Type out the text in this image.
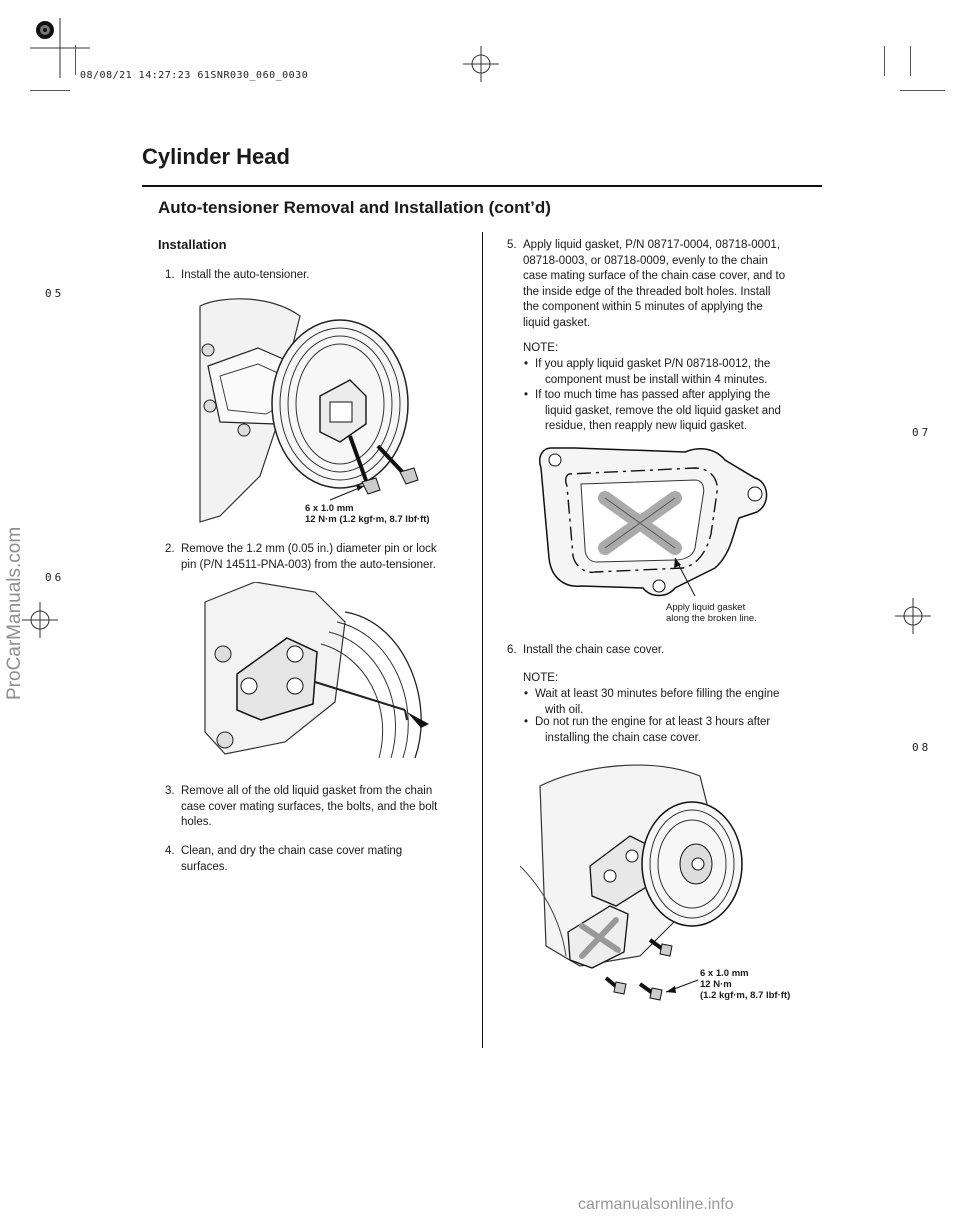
08/08/21 14:27:23 61SNR030_060_0030
Cylinder Head
Auto-tensioner Removal and Installation (cont’d)
Installation
1. Install the auto-tensioner.
6 x 1.0 mm
12 N·m (1.2 kgf·m, 8.7 lbf·ft)
2. Remove the 1.2 mm (0.05 in.) diameter pin or lock
pin (P/N 14511-PNA-003) from the auto-tensioner.
3. Remove all of the old liquid gasket from the chain
case cover mating surfaces, the bolts, and the bolt
holes.
4. Clean, and dry the chain case cover mating
surfaces.
5. Apply liquid gasket, P/N 08717-0004, 08718-0001,
08718-0003, or 08718-0009, evenly to the chain
case mating surface of the chain case cover, and to
the inside edge of the threaded bolt holes. Install
the component within 5 minutes of applying the
liquid gasket.
NOTE:
• If you apply liquid gasket P/N 08718-0012, the
component must be install within 4 minutes.
• If too much time has passed after applying the
liquid gasket, remove the old liquid gasket and
residue, then reapply new liquid gasket.
Apply liquid gasket
along the broken line.
6. Install the chain case cover.
NOTE:
• Wait at least 30 minutes before filling the engine
with oil.
• Do not run the engine for at least 3 hours after
installing the chain case cover.
6 x 1.0 mm
12 N·m
(1.2 kgf·m, 8.7 lbf·ft)
05
06
07
08
ProCarManuals.com
carmanualsonline.info
